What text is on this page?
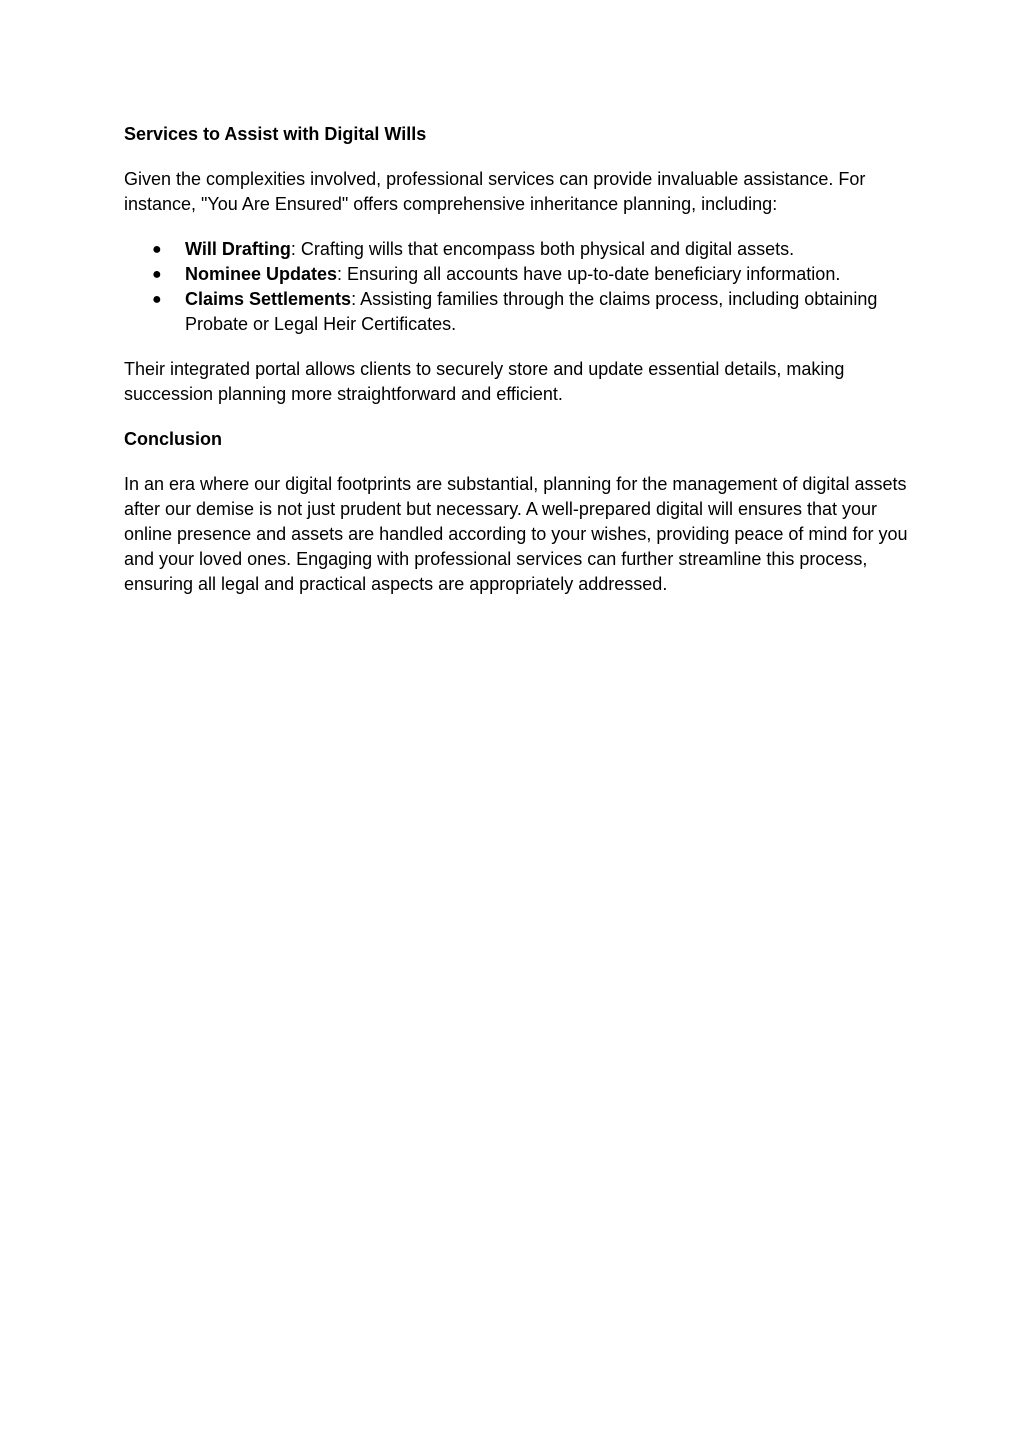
Services to Assist with Digital Wills

Given the complexities involved, professional services can provide invaluable assistance. For instance, "You Are Ensured" offers comprehensive inheritance planning, including:

● Will Drafting: Crafting wills that encompass both physical and digital assets.
● Nominee Updates: Ensuring all accounts have up-to-date beneficiary information.
● Claims Settlements: Assisting families through the claims process, including obtaining Probate or Legal Heir Certificates.

Their integrated portal allows clients to securely store and update essential details, making succession planning more straightforward and efficient.

Conclusion

In an era where our digital footprints are substantial, planning for the management of digital assets after our demise is not just prudent but necessary. A well-prepared digital will ensures that your online presence and assets are handled according to your wishes, providing peace of mind for you and your loved ones. Engaging with professional services can further streamline this process, ensuring all legal and practical aspects are appropriately addressed.
